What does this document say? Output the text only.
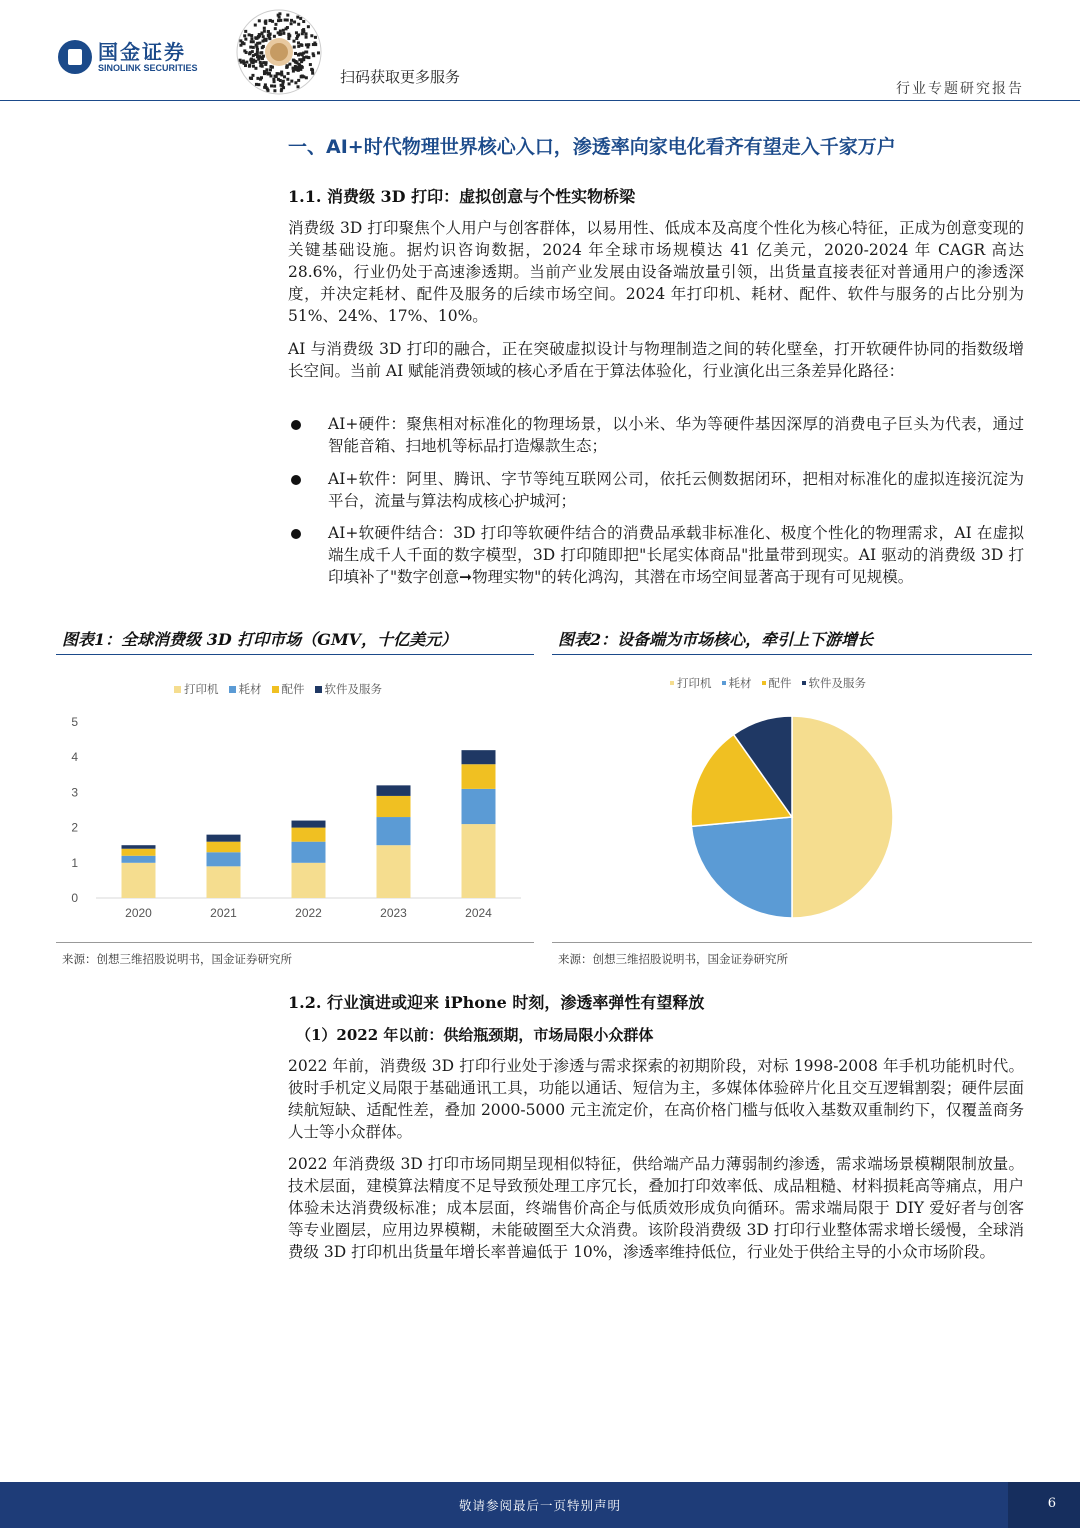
国金证券
SINOLINK SECURITIES
扫码获取更多服务
行业专题研究报告
一、AI+时代物理世界核心入口，渗透率向家电化看齐有望走入千家万户
1.1. 消费级 3D 打印：虚拟创意与个性实物桥梁
消费级 3D 打印聚焦个人用户与创客群体，以易用性、低成本及高度个性化为核心特征，正成为创意变现的关键基础设施。据灼识咨询数据，2024 年全球市场规模达 41 亿美元，2020-2024 年 CAGR 高达 28.6%，行业仍处于高速渗透期。当前产业发展由设备端放量引领，出货量直接表征对普通用户的渗透深度，并决定耗材、配件及服务的后续市场空间。2024 年打印机、耗材、配件、软件与服务的占比分别为 51%、24%、17%、10%。
AI 与消费级 3D 打印的融合，正在突破虚拟设计与物理制造之间的转化壁垒，打开软硬件协同的指数级增长空间。当前 AI 赋能消费领域的核心矛盾在于算法体验化，行业演化出三条差异化路径：
AI+硬件：聚焦相对标准化的物理场景，以小米、华为等硬件基因深厚的消费电子巨头为代表，通过智能音箱、扫地机等标品打造爆款生态；
AI+软件：阿里、腾讯、字节等纯互联网公司，依托云侧数据闭环，把相对标准化的虚拟连接沉淀为平台，流量与算法构成核心护城河；
AI+软硬件结合：3D 打印等软硬件结合的消费品承载非标准化、极度个性化的物理需求，AI 在虚拟端生成千人千面的数字模型，3D 打印随即把"长尾实体商品"批量带到现实。AI 驱动的消费级 3D 打印填补了"数字创意➞物理实物"的转化鸿沟，其潜在市场空间显著高于现有可见规模。
图表1：全球消费级 3D 打印市场（GMV，十亿美元）	图表2：设备端为市场核心，牵引上下游增长
打印机 耗材 配件 软件及服务
0
1
2
3
4
5
2020	2021	2022	2023	2024
打印机 耗材 配件 软件及服务
来源：创想三维招股说明书，国金证券研究所	来源：创想三维招股说明书，国金证券研究所
1.2. 行业演进或迎来 iPhone 时刻，渗透率弹性有望释放
（1）2022 年以前：供给瓶颈期，市场局限小众群体
2022 年前，消费级 3D 打印行业处于渗透与需求探索的初期阶段，对标 1998-2008 年手机功能机时代。彼时手机定义局限于基础通讯工具，功能以通话、短信为主，多媒体体验碎片化且交互逻辑割裂；硬件层面续航短缺、适配性差，叠加 2000-5000 元主流定价，在高价格门槛与低收入基数双重制约下，仅覆盖商务人士等小众群体。
2022 年消费级 3D 打印市场同期呈现相似特征，供给端产品力薄弱制约渗透，需求端场景模糊限制放量。技术层面，建模算法精度不足导致预处理工序冗长，叠加打印效率低、成品粗糙、材料损耗高等痛点，用户体验未达消费级标准；成本层面，终端售价高企与低质效形成负向循环。需求端局限于 DIY 爱好者与创客等专业圈层，应用边界模糊，未能破圈至大众消费。该阶段消费级 3D 打印行业整体需求增长缓慢，全球消费级 3D 打印机出货量年增长率普遍低于 10%，渗透率维持低位，行业处于供给主导的小众市场阶段。
敬请参阅最后一页特别声明	6
